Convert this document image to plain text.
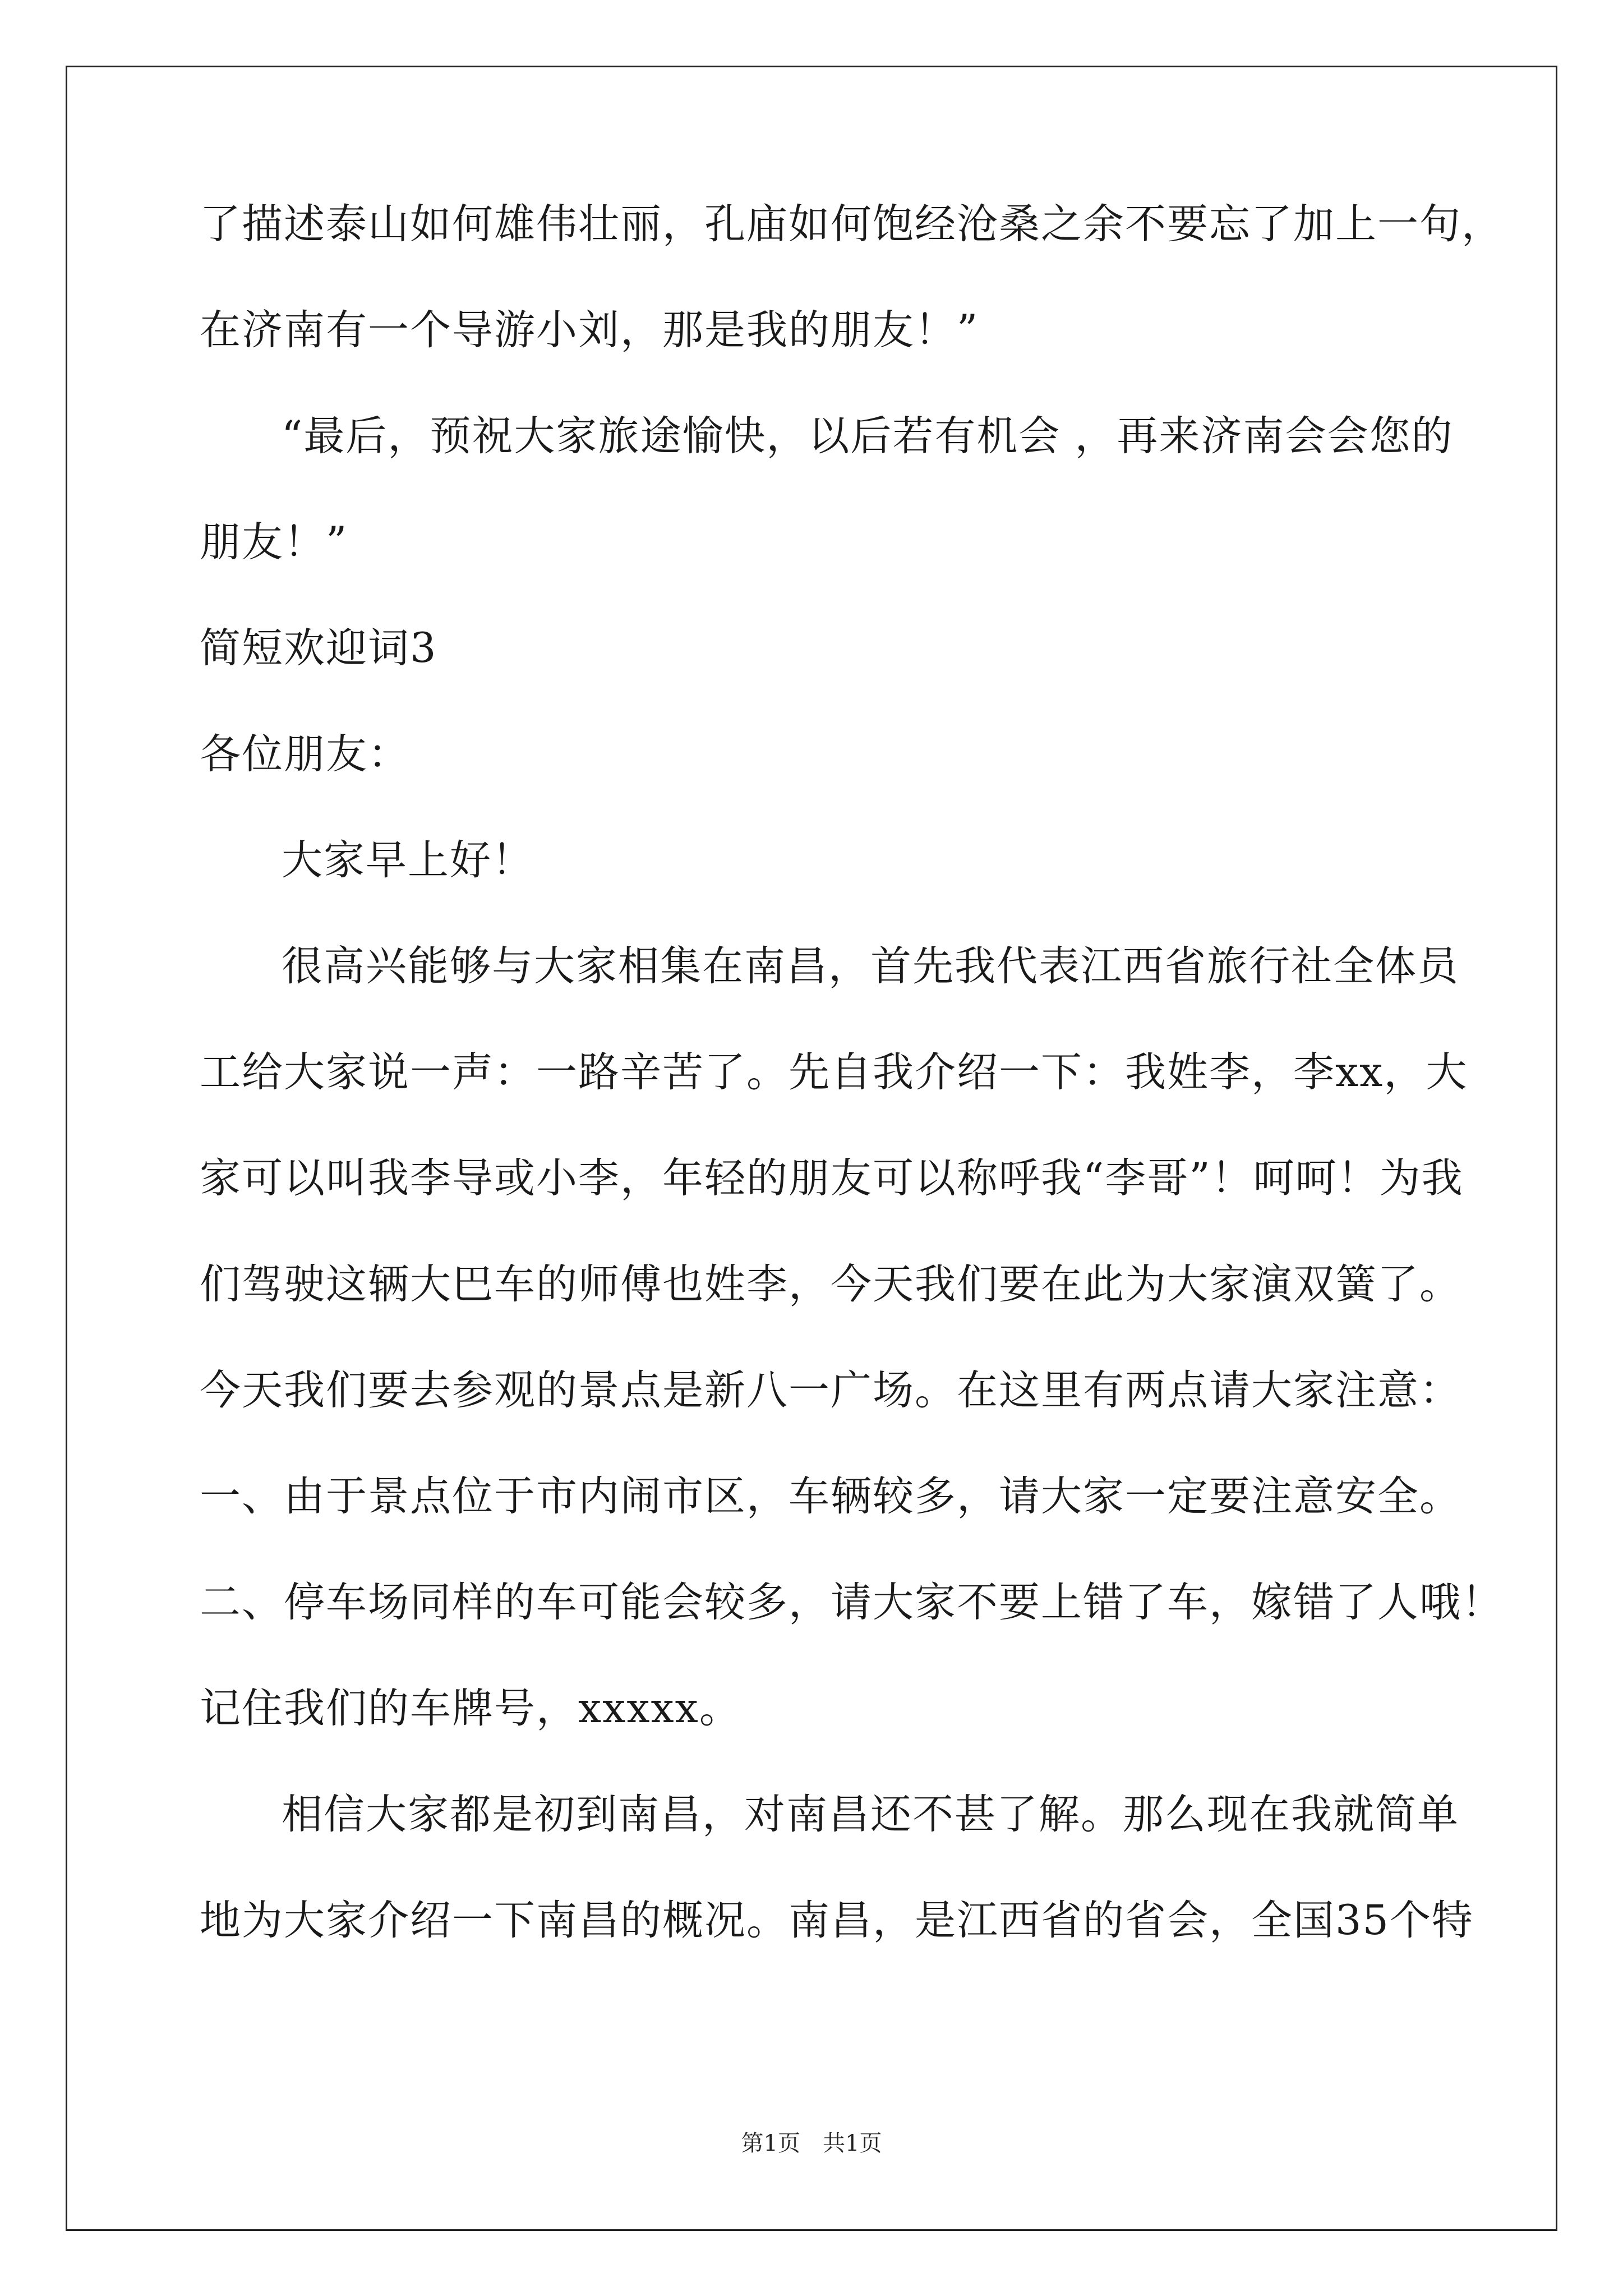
了描述泰山如何雄伟壮丽，孔庙如何饱经沧桑之余不要忘了加上一句，
在济南有一个导游小刘，那是我的朋友！”
“最后，预祝大家旅途愉快，以后若有机会 ，再来济南会会您的
朋友！”
简短欢迎词3
各位朋友：
大家早上好！
很高兴能够与大家相集在南昌，首先我代表江西省旅行社全体员
工给大家说一声：一路辛苦了。先自我介绍一下：我姓李，李xx，大
家可以叫我李导或小李，年轻的朋友可以称呼我“李哥”！呵呵！为我
们驾驶这辆大巴车的师傅也姓李，今天我们要在此为大家演双簧了。
今天我们要去参观的景点是新八一广场。在这里有两点请大家注意：
一、由于景点位于市内闹市区，车辆较多，请大家一定要注意安全。
二、停车场同样的车可能会较多，请大家不要上错了车，嫁错了人哦！
记住我们的车牌号，xxxxx。
相信大家都是初到南昌，对南昌还不甚了解。那么现在我就简单
地为大家介绍一下南昌的概况。南昌，是江西省的省会，全国35个特
第1页　共1页
